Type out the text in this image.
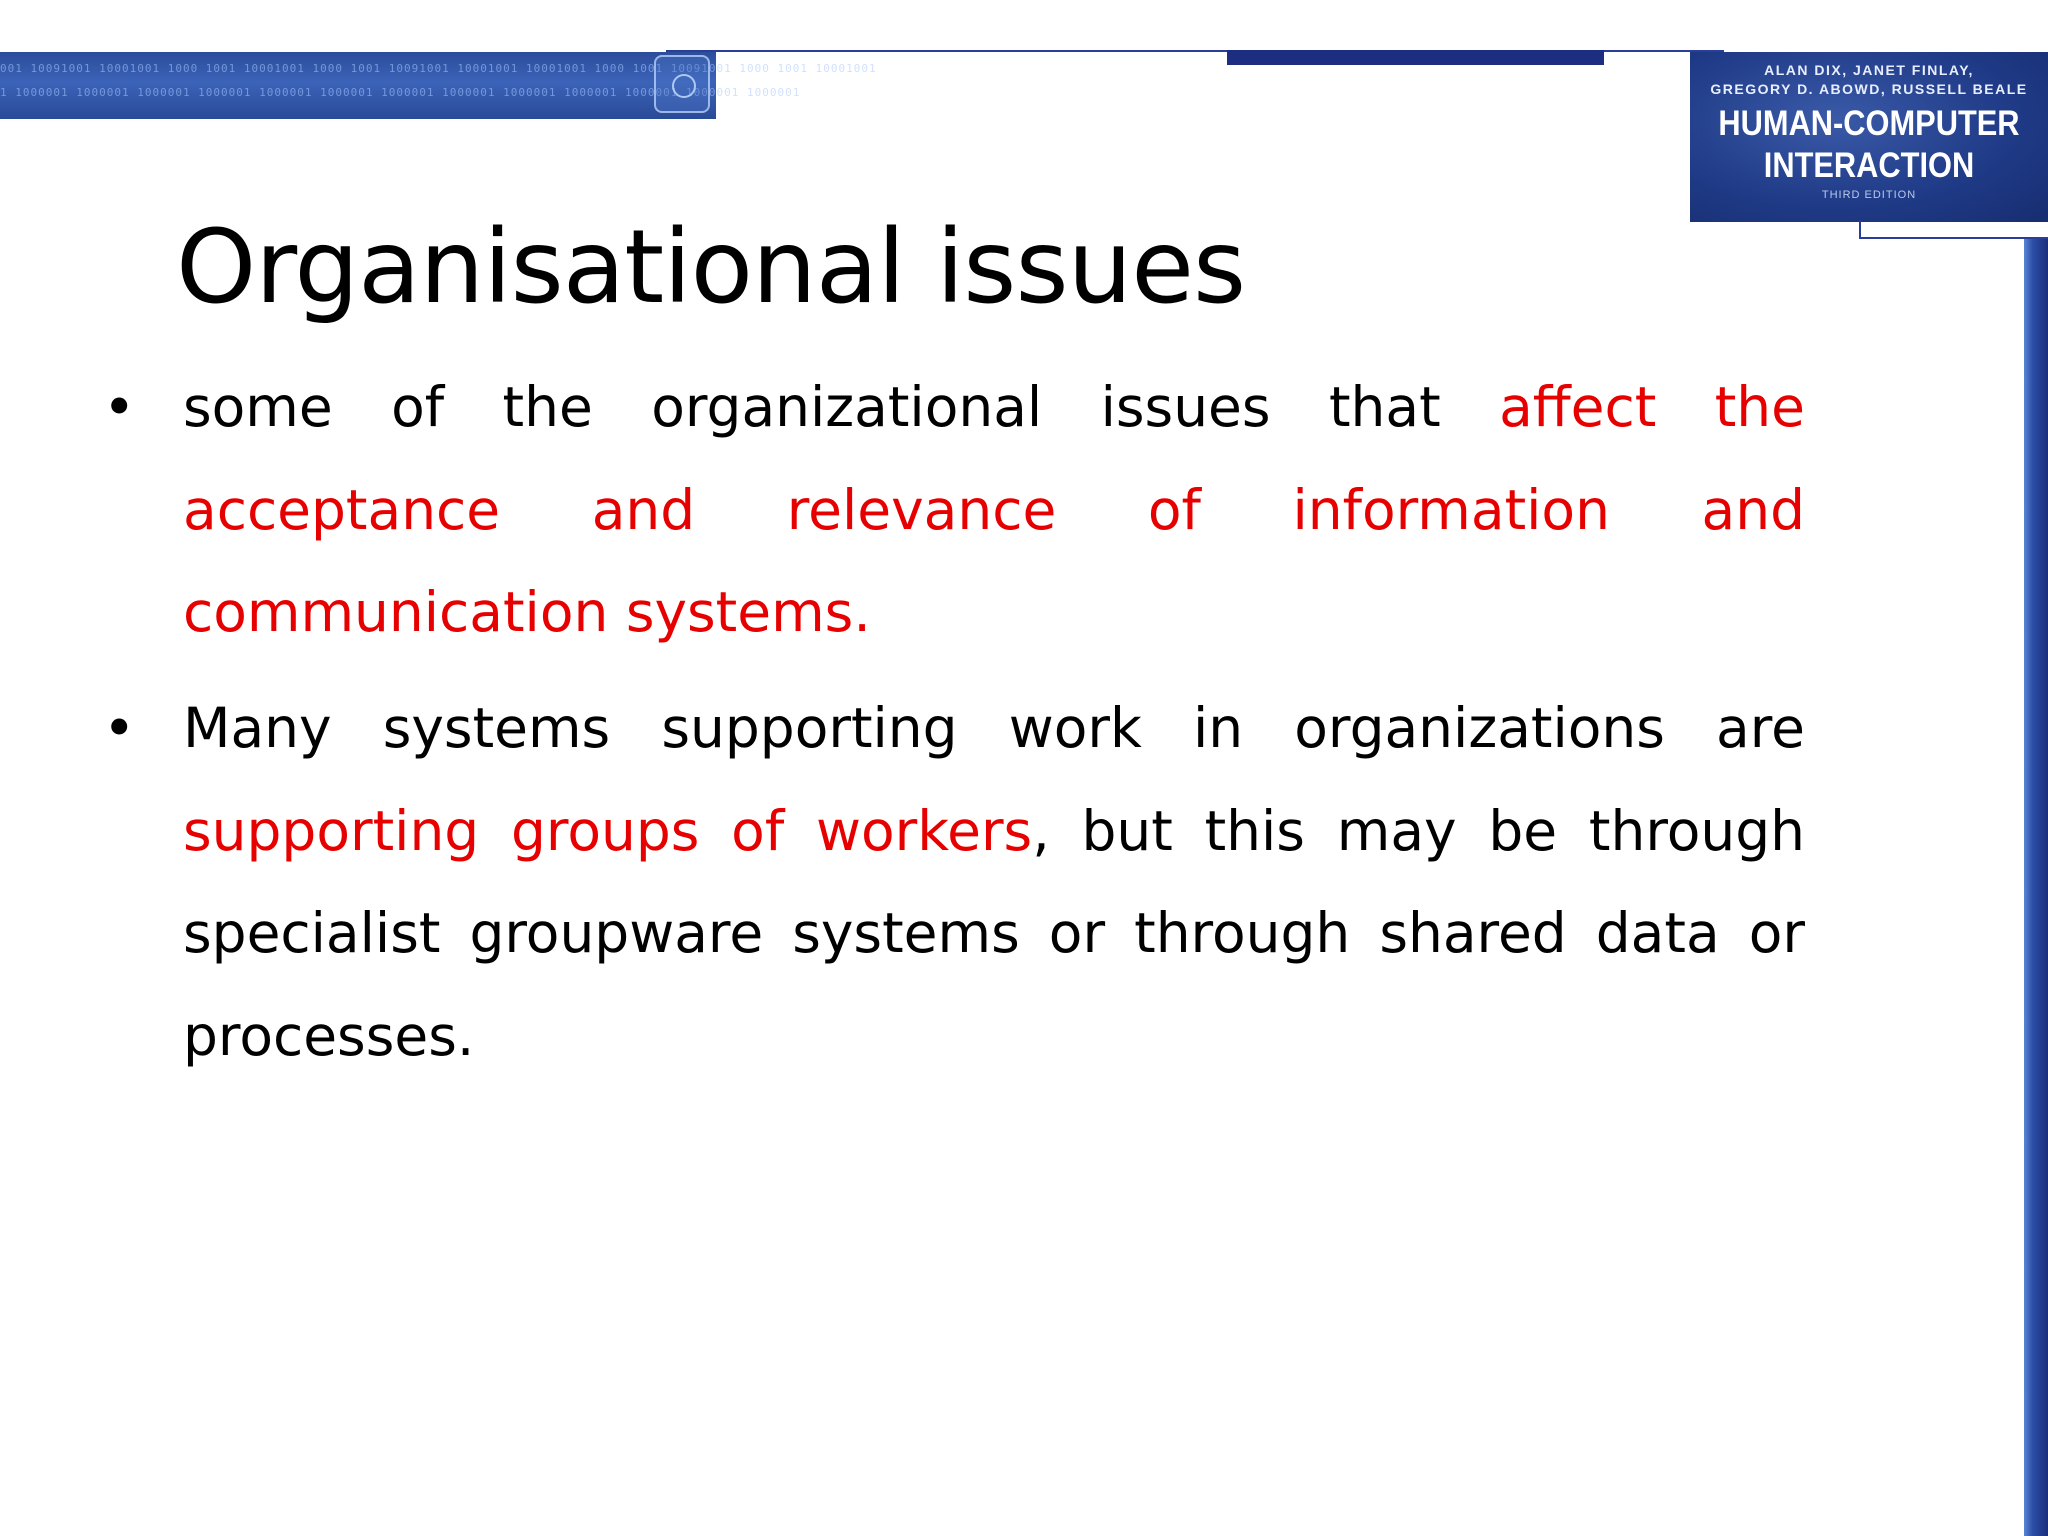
001 10091001 10001001 1000 1001 10001001 1000 1001 10091001 10001001 10001001 1000 1001 10091001 1000 1001 10001001
1 1000001 1000001 1000001 1000001 1000001 1000001 1000001 1000001 1000001 1000001 1000001 1000001 1000001
ALAN DIX, JANET FINLAY,
GREGORY D. ABOWD, RUSSELL BEALE
HUMAN-COMPUTER
INTERACTION
THIRD EDITION
Organisational issues
• some of the organizational issues that affect the acceptance and relevance of information and communication systems.
• Many systems supporting work in organizations are supporting groups of workers, but this may be through specialist groupware systems or through shared data or processes.
